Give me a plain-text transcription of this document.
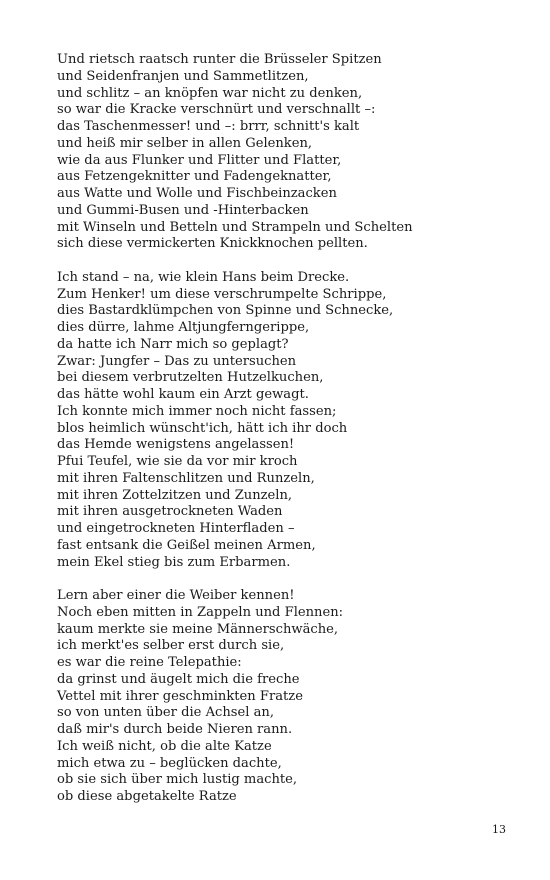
Und rietsch raatsch runter die Brüsseler Spitzen
und Seidenfranjen und Sammetlitzen,
und schlitz – an knöpfen war nicht zu denken,
so war die Kracke verschnürt und verschnallt –:
das Taschenmesser! und –: brrr, schnitt's kalt
und heiß mir selber in allen Gelenken,
wie da aus Flunker und Flitter und Flatter,
aus Fetzengeknitter und Fadengeknatter,
aus Watte und Wolle und Fischbeinzacken
und Gummi-Busen und -Hinterbacken
mit Winseln und Betteln und Strampeln und Schelten
sich diese vermickerten Knickknochen pellten.
Ich stand – na, wie klein Hans beim Drecke.
Zum Henker! um diese verschrumpelte Schrippe,
dies Bastardklümpchen von Spinne und Schnecke,
dies dürre, lahme Altjungferngerippe,
da hatte ich Narr mich so geplagt?
Zwar: Jungfer – Das zu untersuchen
bei diesem verbrutzelten Hutzelkuchen,
das hätte wohl kaum ein Arzt gewagt.
Ich konnte mich immer noch nicht fassen;
blos heimlich wünscht'ich, hätt ich ihr doch
das Hemde wenigstens angelassen!
Pfui Teufel, wie sie da vor mir kroch
mit ihren Faltenschlitzen und Runzeln,
mit ihren Zottelzitzen und Zunzeln,
mit ihren ausgetrockneten Waden
und eingetrockneten Hinterfladen –
fast entsank die Geißel meinen Armen,
mein Ekel stieg bis zum Erbarmen.
Lern aber einer die Weiber kennen!
Noch eben mitten in Zappeln und Flennen:
kaum merkte sie meine Männerschwäche,
ich merkt'es selber erst durch sie,
es war die reine Telepathie:
da grinst und äugelt mich die freche
Vettel mit ihrer geschminkten Fratze
so von unten über die Achsel an,
daß mir's durch beide Nieren rann.
Ich weiß nicht, ob die alte Katze
mich etwa zu – beglücken dachte,
ob sie sich über mich lustig machte,
ob diese abgetakelte Ratze
13
